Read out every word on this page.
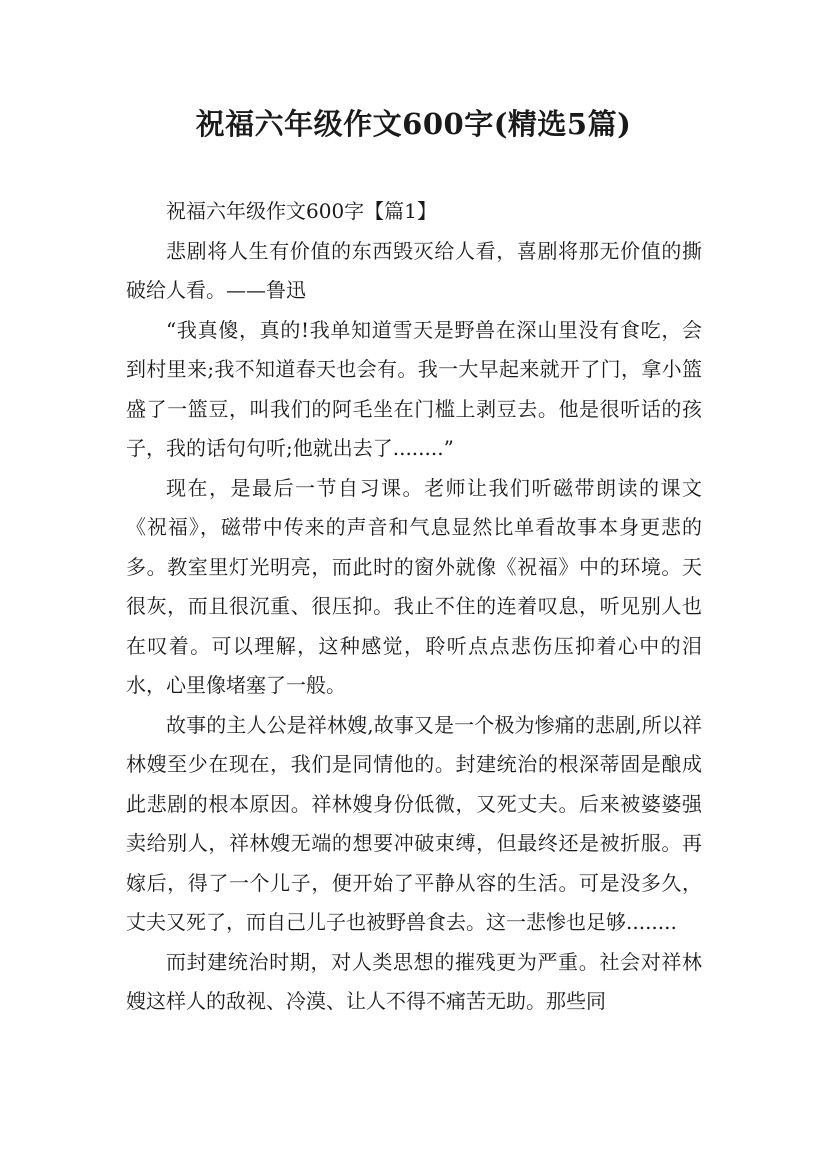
祝福六年级作文600字(精选5篇)

祝福六年级作文600字【篇1】

悲剧将人生有价值的东西毁灭给人看，喜剧将那无价值的撕破给人看。——鲁迅

“我真傻，真的!我单知道雪天是野兽在深山里没有食吃，会到村里来;我不知道春天也会有。我一大早起来就开了门，拿小篮盛了一篮豆，叫我们的阿毛坐在门槛上剥豆去。他是很听话的孩子，我的话句句听;他就出去了........”

现在，是最后一节自习课。老师让我们听磁带朗读的课文《祝福》，磁带中传来的声音和气息显然比单看故事本身更悲的多。教室里灯光明亮，而此时的窗外就像《祝福》中的环境。天很灰，而且很沉重、很压抑。我止不住的连着叹息，听见别人也在叹着。可以理解，这种感觉，聆听点点悲伤压抑着心中的泪水，心里像堵塞了一般。

故事的主人公是祥林嫂,故事又是一个极为惨痛的悲剧,所以祥林嫂至少在现在，我们是同情他的。封建统治的根深蒂固是酿成此悲剧的根本原因。祥林嫂身份低微，又死丈夫。后来被婆婆强卖给别人，祥林嫂无端的想要冲破束缚，但最终还是被折服。再嫁后，得了一个儿子，便开始了平静从容的生活。可是没多久，丈夫又死了，而自己儿子也被野兽食去。这一悲惨也足够........

而封建统治时期，对人类思想的摧残更为严重。社会对祥林嫂这样人的敌视、冷漠、让人不得不痛苦无助。那些同
